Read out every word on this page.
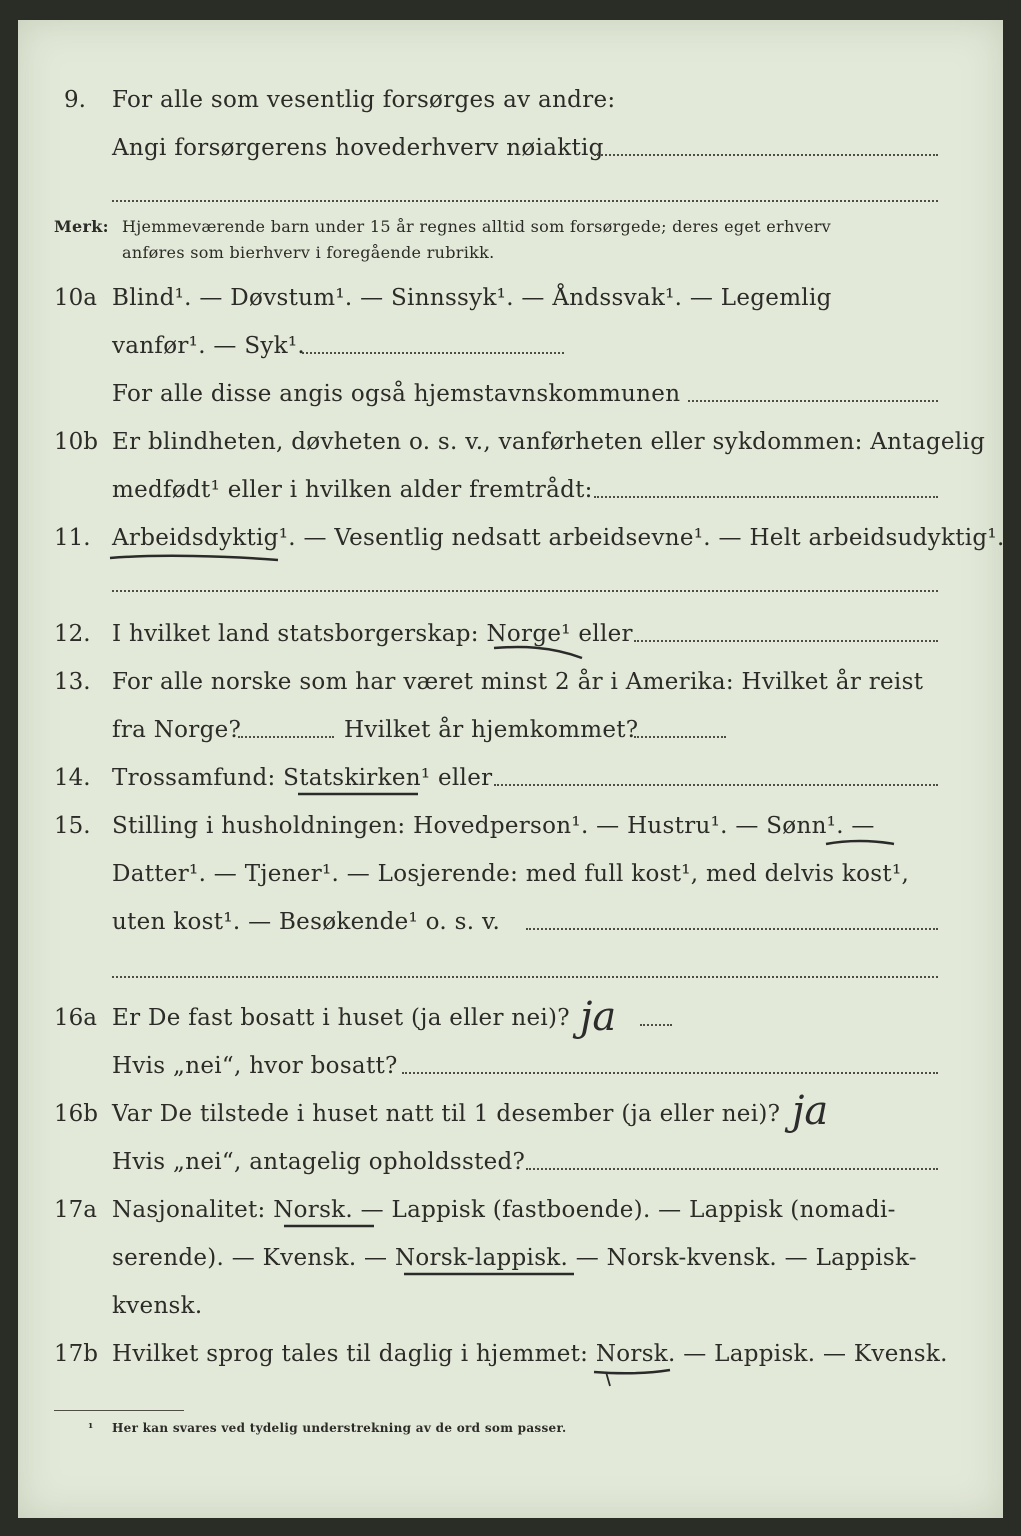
9. For alle som vesentlig forsørges av andre:
Angi forsørgerens hovederhverv nøiaktig
Merk: Hjemmeværende barn under 15 år regnes alltid som forsørgede; deres eget erhverv
anføres som bierhverv i foregående rubrikk.
10a Blind¹. — Døvstum¹. — Sinnssyk¹. — Åndssvak¹. — Legemlig
vanfør¹. — Syk¹.
For alle disse angis også hjemstavnskommunen
10b Er blindheten, døvheten o. s. v., vanførheten eller sykdommen: Antagelig
medfødt¹ eller i hvilken alder fremtrådt:
11. Arbeidsdyktig¹. — Vesentlig nedsatt arbeidsevne¹. — Helt arbeidsudyktig¹.
12. I hvilket land statsborgerskap: Norge¹ eller
13. For alle norske som har været minst 2 år i Amerika: Hvilket år reist
fra Norge?	Hvilket år hjemkommet?
14. Trossamfund: Statskirken¹ eller
15. Stilling i husholdningen: Hovedperson¹. — Hustru¹. — Sønn¹. —
Datter¹. — Tjener¹. — Losjerende: med full kost¹, med delvis kost¹,
uten kost¹. — Besøkende¹ o. s. v.
16a Er De fast bosatt i huset (ja eller nei)? ja
Hvis „nei“, hvor bosatt?
16b Var De tilstede i huset natt til 1 desember (ja eller nei)? ja
Hvis „nei“, antagelig opholdssted?
17a Nasjonalitet: Norsk. — Lappisk (fastboende). — Lappisk (nomadi-
serende). — Kvensk. — Norsk-lappisk. — Norsk-kvensk. — Lappisk-
kvensk.
17b Hvilket sprog tales til daglig i hjemmet: Norsk. — Lappisk. — Kvensk.
¹ Her kan svares ved tydelig understrekning av de ord som passer.
